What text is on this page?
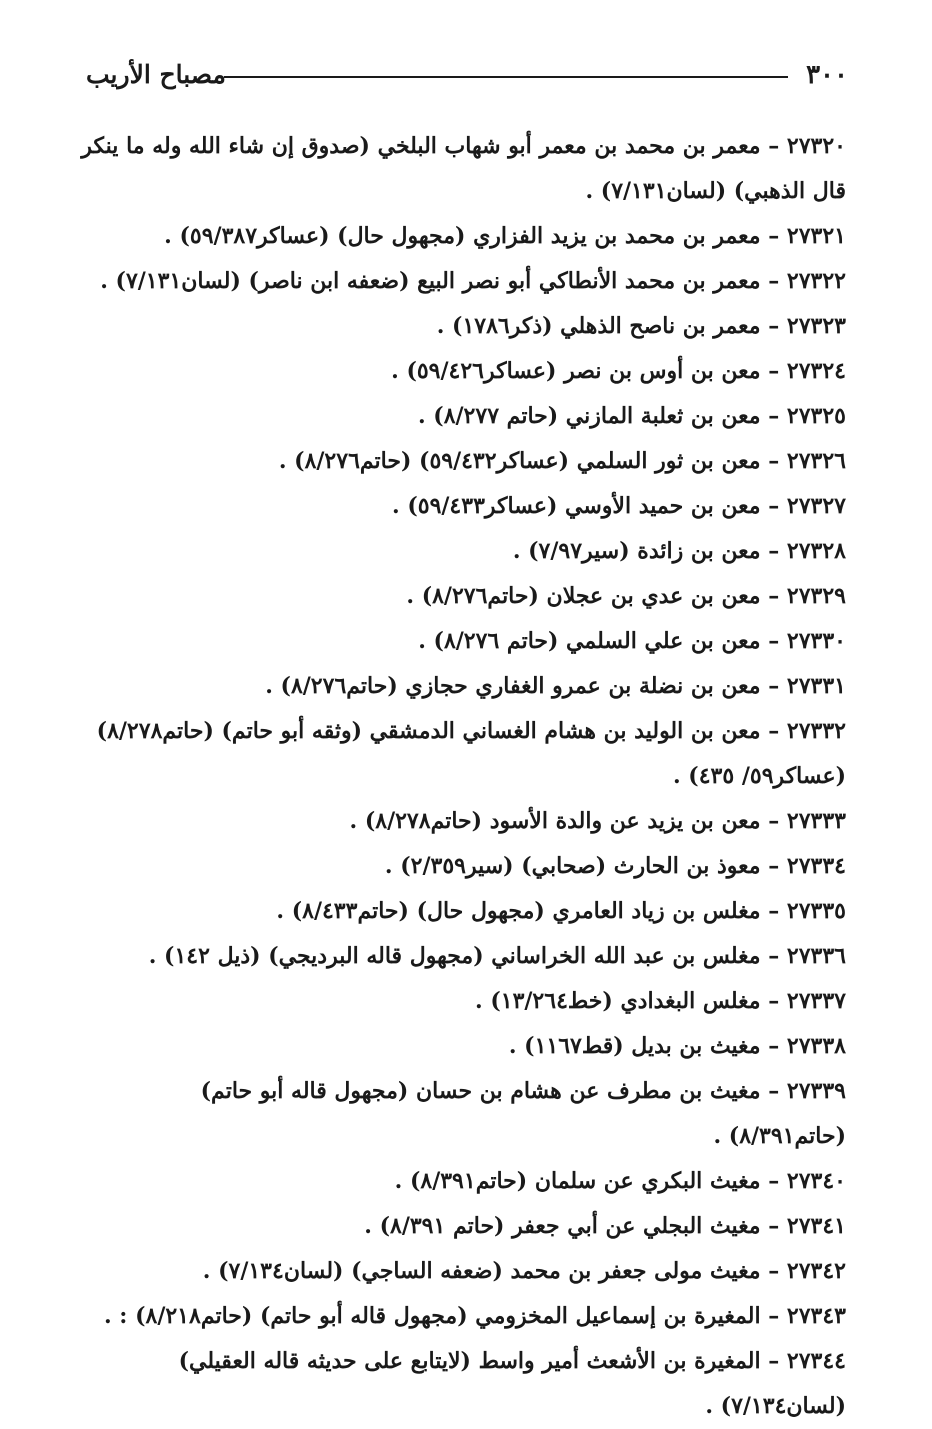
٣٠٠
مصباح الأريب
٢٧٣٢٠ – معمر بن محمد بن معمر أبو شهاب البلخي (صدوق إن شاء الله وله ما ينكر قال الذهبي) (لسان٧/١٣١) .
٢٧٣٢١ – معمر بن محمد بن يزيد الفزاري (مجهول حال) (عساكر٥٩/٣٨٧) .
٢٧٣٢٢ – معمر بن محمد الأنطاكي أبو نصر البيع (ضعفه ابن ناصر) (لسان٧/١٣١) .
٢٧٣٢٣ – معمر بن ناصح الذهلي (ذكر١٧٨٦) .
٢٧٣٢٤ – معن بن أوس بن نصر (عساكر٥٩/٤٢٦) .
٢٧٣٢٥ – معن بن ثعلبة المازني (حاتم ٨/٢٧٧) .
٢٧٣٢٦ – معن بن ثور السلمي (عساكر٥٩/٤٣٢) (حاتم٨/٢٧٦) .
٢٧٣٢٧ – معن بن حميد الأوسي (عساكر٥٩/٤٣٣) .
٢٧٣٢٨ – معن بن زائدة (سير٧/٩٧) .
٢٧٣٢٩ – معن بن عدي بن عجلان (حاتم٨/٢٧٦) .
٢٧٣٣٠ – معن بن علي السلمي (حاتم ٨/٢٧٦) .
٢٧٣٣١ – معن بن نضلة بن عمرو الغفاري حجازي (حاتم٨/٢٧٦) .
٢٧٣٣٢ – معن بن الوليد بن هشام الغساني الدمشقي (وثقه أبو حاتم) (حاتم٨/٢٧٨) (عساكر٥٩/ ٤٣٥) .
٢٧٣٣٣ – معن بن يزيد عن والدة الأسود (حاتم٨/٢٧٨) .
٢٧٣٣٤ – معوذ بن الحارث (صحابي) (سير٢/٣٥٩) .
٢٧٣٣٥ – مغلس بن زياد العامري (مجهول حال) (حاتم٨/٤٣٣) .
٢٧٣٣٦ – مغلس بن عبد الله الخراساني (مجهول قاله البرديجي) (ذيل ١٤٢) .
٢٧٣٣٧ – مغلس البغدادي (خط١٣/٢٦٤) .
٢٧٣٣٨ – مغيث بن بديل (قط١١٦٧) .
٢٧٣٣٩ – مغيث بن مطرف عن هشام بن حسان (مجهول قاله أبو حاتم) (حاتم٨/٣٩١) .
٢٧٣٤٠ – مغيث البكري عن سلمان (حاتم٨/٣٩١) .
٢٧٣٤١ – مغيث البجلي عن أبي جعفر (حاتم ٨/٣٩١) .
٢٧٣٤٢ – مغيث مولى جعفر بن محمد (ضعفه الساجي) (لسان٧/١٣٤) .
٢٧٣٤٣ – المغيرة بن إسماعيل المخزومي (مجهول قاله أبو حاتم) (حاتم٨/٢١٨) : .
٢٧٣٤٤ – المغيرة بن الأشعث أمير واسط (لايتابع على حديثه قاله العقيلي) (لسان٧/١٣٤) .
